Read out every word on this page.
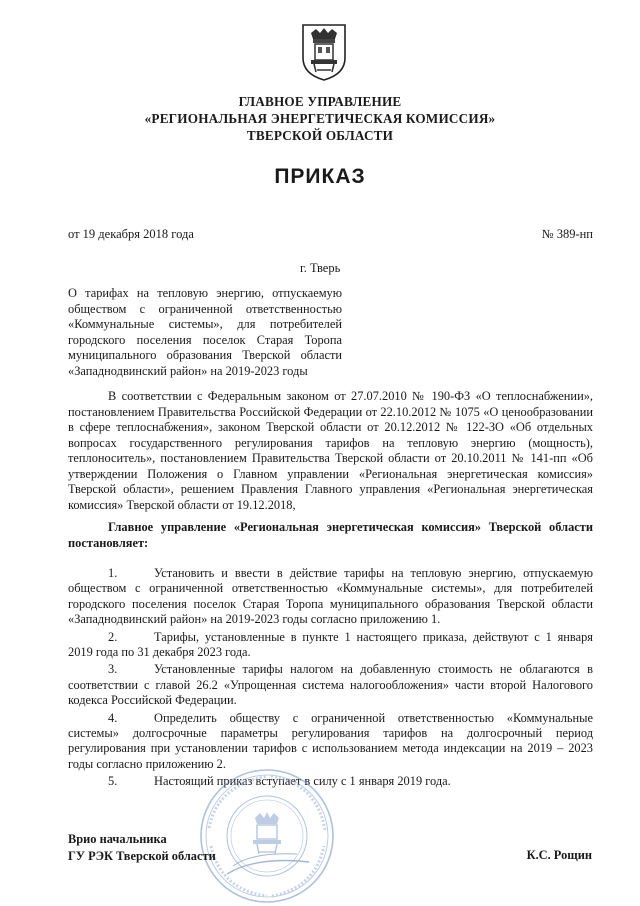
ГЛАВНОЕ УПРАВЛЕНИЕ
«РЕГИОНАЛЬНАЯ ЭНЕРГЕТИЧЕСКАЯ КОМИССИЯ»
ТВЕРСКОЙ ОБЛАСТИ
ПРИКАЗ
от 19 декабря 2018 года	№ 389-нп
г. Тверь
О тарифах на тепловую энергию, отпускаемую
обществом с ограниченной ответственностью
«Коммунальные системы», для потребителей
городского поселения поселок Старая Торопа
муниципального образования Тверской области
«Западнодвинский район» на 2019-2023 годы
В соответствии с Федеральным законом от 27.07.2010 № 190-ФЗ «О теплоснабжении», постановлением Правительства Российской Федерации от 22.10.2012 № 1075 «О ценообразовании в сфере теплоснабжения», законом Тверской области от 20.12.2012 № 122-ЗО «Об отдельных вопросах государственного регулирования тарифов на тепловую энергию (мощность), теплоноситель», постановлением Правительства Тверской области от 20.10.2011 № 141-пп «Об утверждении Положения о Главном управлении «Региональная энергетическая комиссия» Тверской области», решением Правления Главного управления «Региональная энергетическая комиссия» Тверской области от 19.12.2018,
Главное управление «Региональная энергетическая комиссия» Тверской области постановляет:
1.	Установить и ввести в действие тарифы на тепловую энергию, отпускаемую обществом с ограниченной ответственностью «Коммунальные системы», для потребителей городского поселения поселок Старая Торопа муниципального образования Тверской области «Западнодвинский район» на 2019-2023 годы согласно приложению 1.
2.	Тарифы, установленные в пункте 1 настоящего приказа, действуют с 1 января 2019 года по 31 декабря 2023 года.
3.	Установленные тарифы налогом на добавленную стоимость не облагаются в соответствии с главой 26.2 «Упрощенная система налогообложения» части второй Налогового кодекса Российской Федерации.
4.	Определить обществу с ограниченной ответственностью «Коммунальные системы» долгосрочные параметры регулирования тарифов на долгосрочный период регулирования при установлении тарифов с использованием метода индексации на 2019 – 2023 годы согласно приложению 2.
5.	Настоящий приказ вступает в силу с 1 января 2019 года.
Врио начальника
ГУ РЭК Тверской области	К.С. Рощин
